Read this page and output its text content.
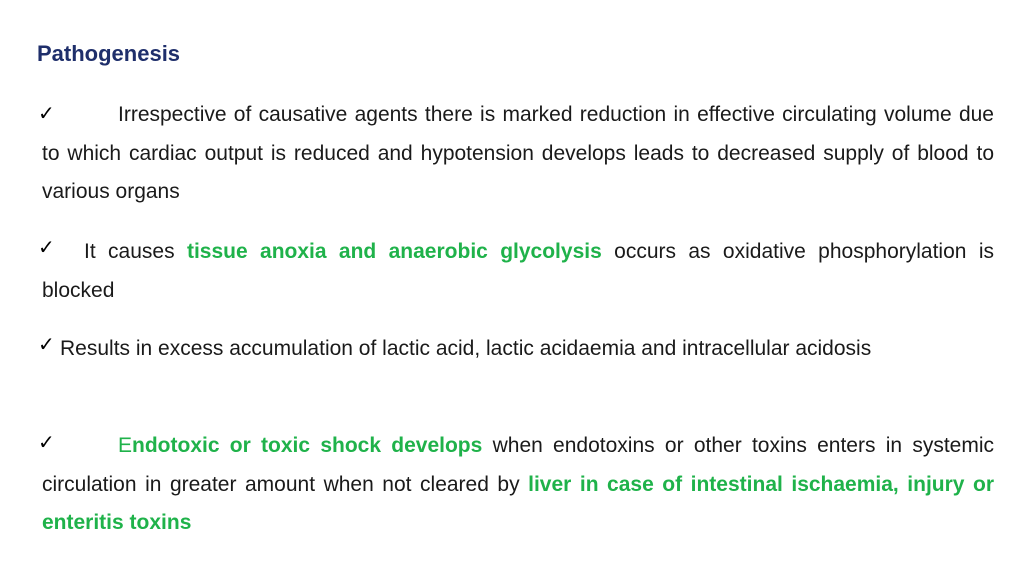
Pathogenesis
✓	Irrespective of causative agents there is marked reduction in effective circulating volume due to which cardiac output is reduced and hypotension develops leads to decreased supply of blood to various organs
✓	It causes tissue anoxia and anaerobic glycolysis occurs as oxidative phosphorylation is blocked
✓ Results in excess accumulation of lactic acid, lactic acidaemia and intracellular acidosis
✓	Endotoxic or toxic shock develops when endotoxins or other toxins enters in systemic circulation in greater amount when not cleared by liver in case of intestinal ischaemia, injury or enteritis toxins
